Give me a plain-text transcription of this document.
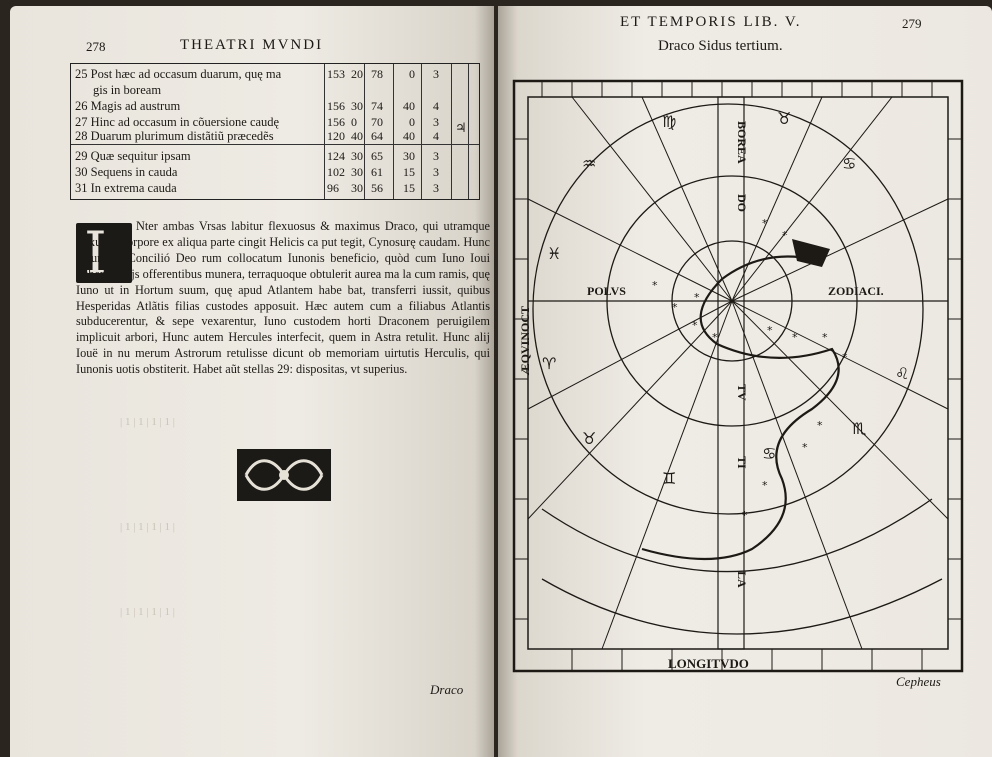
278	THEATRI MVNDI
25 Post hæc ad occasum duarum, quę ma	153 20 78 0 3
gis in boream
26 Magis ad austrum	156 30 74 40 4
27 Hinc ad occasum in cõuersione caudę	156 0 70 0 3
28 Duarum plurimum distãtiũ præcedẽs	120 40 64 40 4
29 Quæ sequitur ipsam	124 30 65 30 3
30 Sequens in cauda	102 30 61 15 3
31 In extrema cauda	96 30 56 15 3
♃
I	Nter ambas Vrsas labitur flexuosus & maximus Draco, qui utramque flexuoso corpore ex aliqua parte cingit Helicis ca put tegit, Cynosurę caudam. Hunc dicunt in Concilió Deo rum collocatum Iunonis beneficio, quòd cum Iuno Ioui nuberet. Dijs offerentibus munera, terraquoque obtulerit aurea ma la cum ramis, quę Iuno ut in Hortum suum, quę apud Atlantem habe bat, transferri iussit, quibus Hesperidas Atlãtis filias custodes apposuit. Hæc autem cum a filiabus Atlantis subducerentur, & sepe vexarentur, Iuno custodem horti Draconem peruigilem implicuit arbori, Hunc autem Hercules interfecit, quem in Astra retulit. Hunc alij Iouë in nu merum Astrorum retulisse dicunt ob memoriam uirtutis Herculis, qui Iunonis uotis obstiterit. Habet aũt stellas 29: dispositas, vt superius.
| 1 | 1 | 1 | 1 |
| 1 | 1 | 1 | 1 |
| 1 | 1 | 1 | 1 |
Draco
ET TEMPORIS LIB. V.	279
Draco Sidus tertium.
*
*
*
*
*
*
*
* *
*
*
*
*
*
*
♍	♉
♒	♋
♓
♈
♌
♉
♏
♊
♋
POLVS	ZODIACI.
BOREA
DO
TV
TI
LA
ÆQVINOCT
LONGITVDO
Cepheus
